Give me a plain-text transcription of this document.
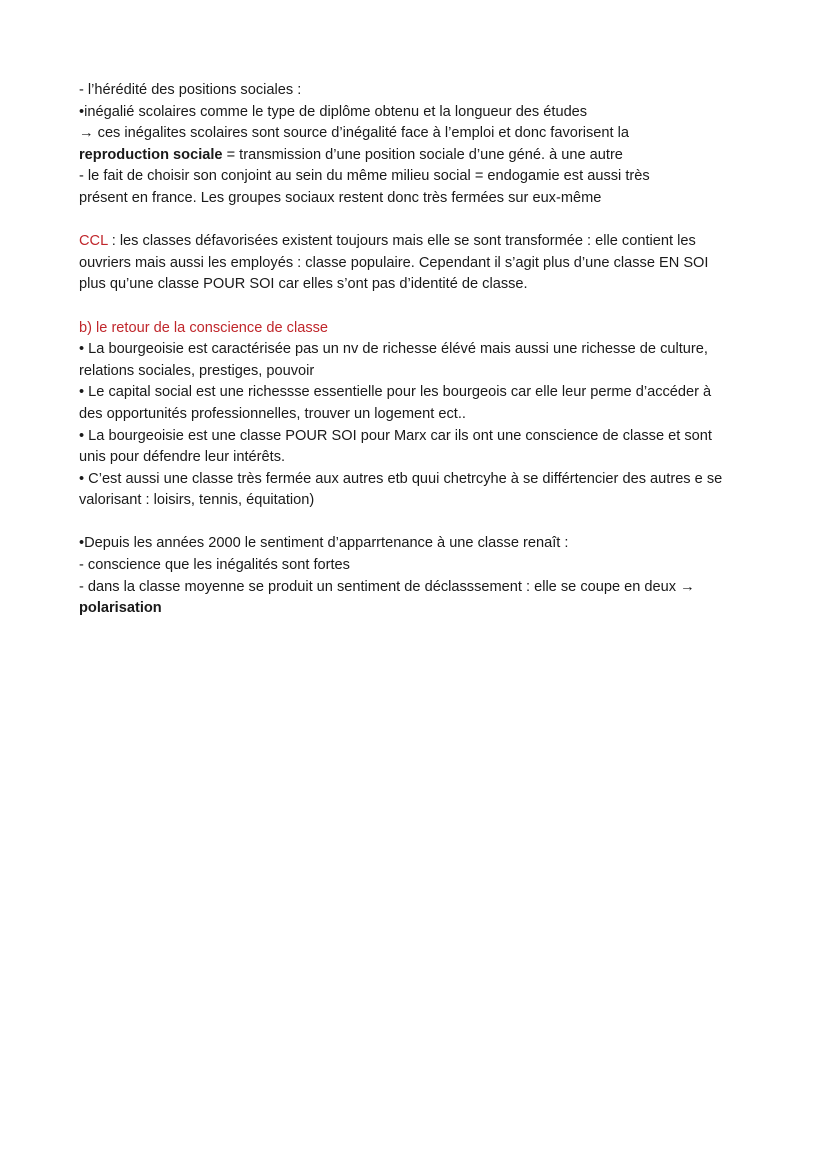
- l’hérédité des positions sociales :
•inégalié scolaires comme le type de diplôme obtenu et la longueur des études
→ ces inégalites scolaires sont source d’inégalité face à l’emploi et donc favorisent la
reproduction sociale = transmission d’une position sociale d’une géné. à une autre
- le fait de choisir son conjoint au sein du même milieu social = endogamie est aussi très
présent en france. Les groupes sociaux restent donc très fermées sur eux-même
CCL : les classes défavorisées existent toujours mais elle se sont transformée : elle contient les
ouvriers mais aussi les employés : classe populaire. Cependant il s’agit plus d’une classe EN SOI
plus qu’une classe POUR SOI car elles s’ont pas d’identité de classe.
b) le retour de la conscience de classe
• La bourgeoisie est caractérisée pas un nv de richesse élévé mais aussi une richesse de culture,
relations sociales, prestiges, pouvoir
• Le capital social est une richessse essentielle pour les bourgeois car elle leur perme d’accéder à
des opportunités professionnelles, trouver un logement ect..
• La bourgeoisie est une classe POUR SOI pour Marx car ils ont une conscience de classe et sont
unis pour défendre leur intérêts.
• C’est aussi une classe très fermée aux autres etb quui chetrcyhe à se différtencier des autres e se
valorisant : loisirs, tennis, équitation)
•Depuis les années 2000 le sentiment d’apparrtenance à une classe renaît :
- conscience que les inégalités sont fortes
- dans la classe moyenne se produit un sentiment de déclasssement : elle se coupe en deux →
polarisation
